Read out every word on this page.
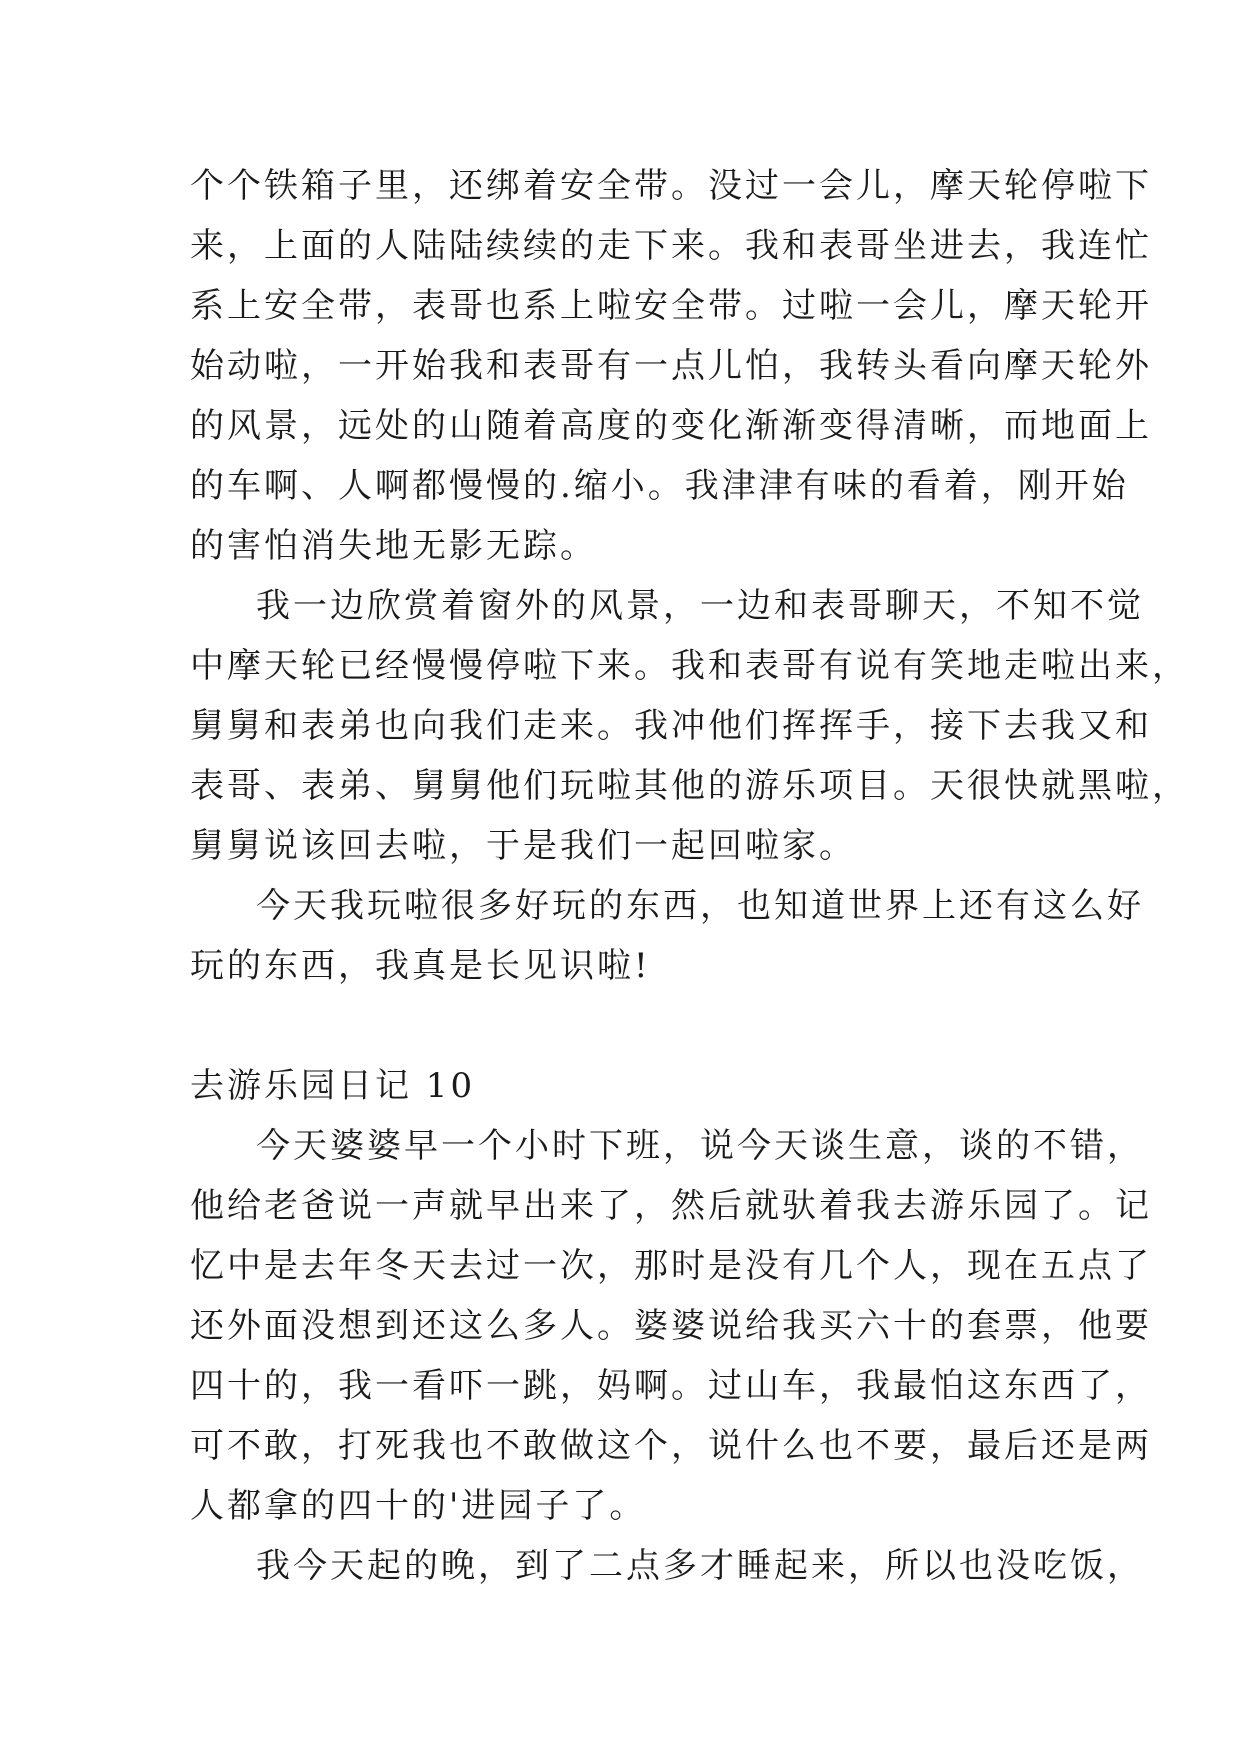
个个铁箱子里，还绑着安全带。没过一会儿，摩天轮停啦下
来，上面的人陆陆续续的走下来。我和表哥坐进去，我连忙
系上安全带，表哥也系上啦安全带。过啦一会儿，摩天轮开
始动啦，一开始我和表哥有一点儿怕，我转头看向摩天轮外
的风景，远处的山随着高度的变化渐渐变得清晰，而地面上
的车啊、人啊都慢慢的.缩小。我津津有味的看着，刚开始
的害怕消失地无影无踪。
我一边欣赏着窗外的风景，一边和表哥聊天，不知不觉
中摩天轮已经慢慢停啦下来。我和表哥有说有笑地走啦出来，
舅舅和表弟也向我们走来。我冲他们挥挥手，接下去我又和
表哥、表弟、舅舅他们玩啦其他的游乐项目。天很快就黑啦，
舅舅说该回去啦，于是我们一起回啦家。
今天我玩啦很多好玩的东西，也知道世界上还有这么好
玩的东西，我真是长见识啦!
去游乐园日记 10
今天婆婆早一个小时下班，说今天谈生意，谈的不错，
他给老爸说一声就早出来了，然后就驮着我去游乐园了。记
忆中是去年冬天去过一次，那时是没有几个人，现在五点了
还外面没想到还这么多人。婆婆说给我买六十的套票，他要
四十的，我一看吓一跳，妈啊。过山车，我最怕这东西了，
可不敢，打死我也不敢做这个，说什么也不要，最后还是两
人都拿的四十的'进园子了。
我今天起的晚，到了二点多才睡起来，所以也没吃饭，
